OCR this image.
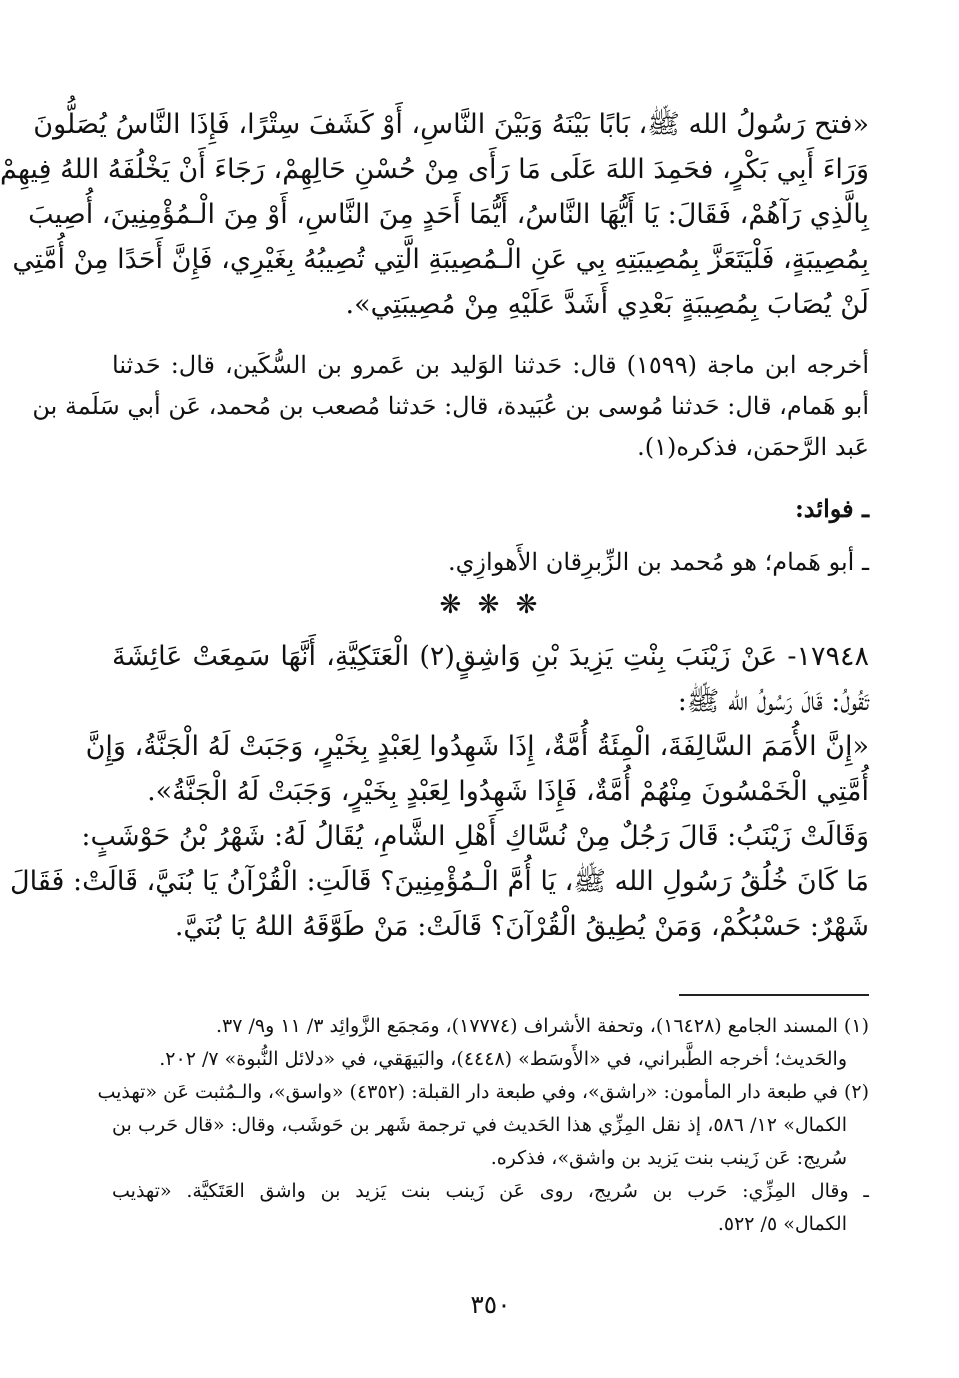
«فتح رَسُولُ الله ﷺ، بَابًا بَيْنَهُ وَبَيْنَ النَّاسِ، أَوْ كَشَفَ سِتْرًا، فَإِذَا النَّاسُ يُصَلُّونَ
وَرَاءَ أَبِي بَكْرٍ، فحَمِدَ اللهَ عَلَى مَا رَأَى مِنْ حُسْنِ حَالِهِمْ، رَجَاءَ أَنْ يَخْلُفَهُ اللهُ فِيهِمْ
بِالَّذِي رَآهُمْ، فَقَالَ: يَا أَيُّهَا النَّاسُ، أَيُّمَا أَحَدٍ مِنَ النَّاسِ، أَوْ مِنَ الْـمُؤْمِنِينَ، أُصِيبَ
بِمُصِيبَةٍ، فَلْيَتَعَزَّ بِمُصِيبَتِهِ بِي عَنِ الْـمُصِيبَةِ الَّتِي تُصِيبُهُ بِغَيْرِي، فَإِنَّ أَحَدًا مِنْ أُمَّتِي
لَنْ يُصَابَ بِمُصِيبَةٍ بَعْدِي أَشَدَّ عَلَيْهِ مِنْ مُصِيبَتِي».
أخرجه ابن ماجة (١٥٩٩) قال: حَدثنا الوَليد بن عَمرو بن السُّكَين، قال: حَدثنا
أبو هَمام، قال: حَدثنا مُوسى بن عُبَيدة، قال: حَدثنا مُصعب بن مُحمد، عَن أبي سَلَمة بن
عَبد الرَّحمَن، فذكره(١).
ـ فوائد:
ـ أبو هَمام؛ هو مُحمد بن الزِّبرِقان الأَهوازِي.
❋ ❋ ❋
١٧٩٤٨- عَنْ زَيْنَبَ بِنْتِ يَزِيدَ بْنِ وَاشِقٍ(٢) الْعَتَكِيَّةِ، أَنَّهَا سَمِعَتْ عَائِشَةَ
تَقُولُ: قَالَ رَسُولُ الله ﷺ:
«إِنَّ الأُمَمَ السَّالِفَةَ، الْمِئَةُ أُمَّةٌ، إِذَا شَهِدُوا لِعَبْدٍ بِخَيْرٍ، وَجَبَتْ لَهُ الْجَنَّةُ، وَإِنَّ
أُمَّتِي الْخَمْسُونَ مِنْهُمْ أُمَّةٌ، فَإِذَا شَهِدُوا لِعَبْدٍ بِخَيْرٍ، وَجَبَتْ لَهُ الْجَنَّةُ».
وَقَالَتْ زَيْنَبُ: قَالَ رَجُلٌ مِنْ نُسَّاكِ أَهْلِ الشَّامِ، يُقَالُ لَهُ: شَهْرُ بْنُ حَوْشَبٍ:
مَا كَانَ خُلُقُ رَسُولِ الله ﷺ، يَا أُمَّ الْـمُؤْمِنِينَ؟ قَالَتِ: الْقُرْآنُ يَا بُنَيَّ، قَالَتْ: فَقَالَ
شَهْرٌ: حَسْبُكُمْ، وَمَنْ يُطِيقُ الْقُرْآنَ؟ قَالَتْ: مَنْ طَوَّقَهُ اللهُ يَا بُنَيَّ.
(١) المسند الجامع (١٦٤٢٨)، وتحفة الأشراف (١٧٧٧٤)، ومَجمَع الزَّوائِد ٣/ ١١ و٩/ ٣٧.
والحَديث؛ أخرجه الطَّبراني، في «الأَوسَط» (٤٤٤٨)، والبَيهَقي، في «دلائل النُّبوة» ٧/ ٢٠٢.
(٢) في طبعة دار المأمون: «راشق»، وفي طبعة دار القبلة: (٤٣٥٢) «واسق»، والـمُثبت عَن «تهذيب
الكمال» ١٢/ ٥٨٦، إذ نقل المِزِّي هذا الحَديث في ترجمة شَهر بن حَوشَب، وقال: «قال حَرب بن
سُريج: عَن زَينب بنت يَزيد بن واشق»، فذكره.
ـ وقال المِزِّي: حَرب بن سُريج، روى عَن زَينب بنت يَزيد بن واشق العَتَكيَّة. «تهذيب
الكمال» ٥/ ٥٢٢.
٣٥٠
